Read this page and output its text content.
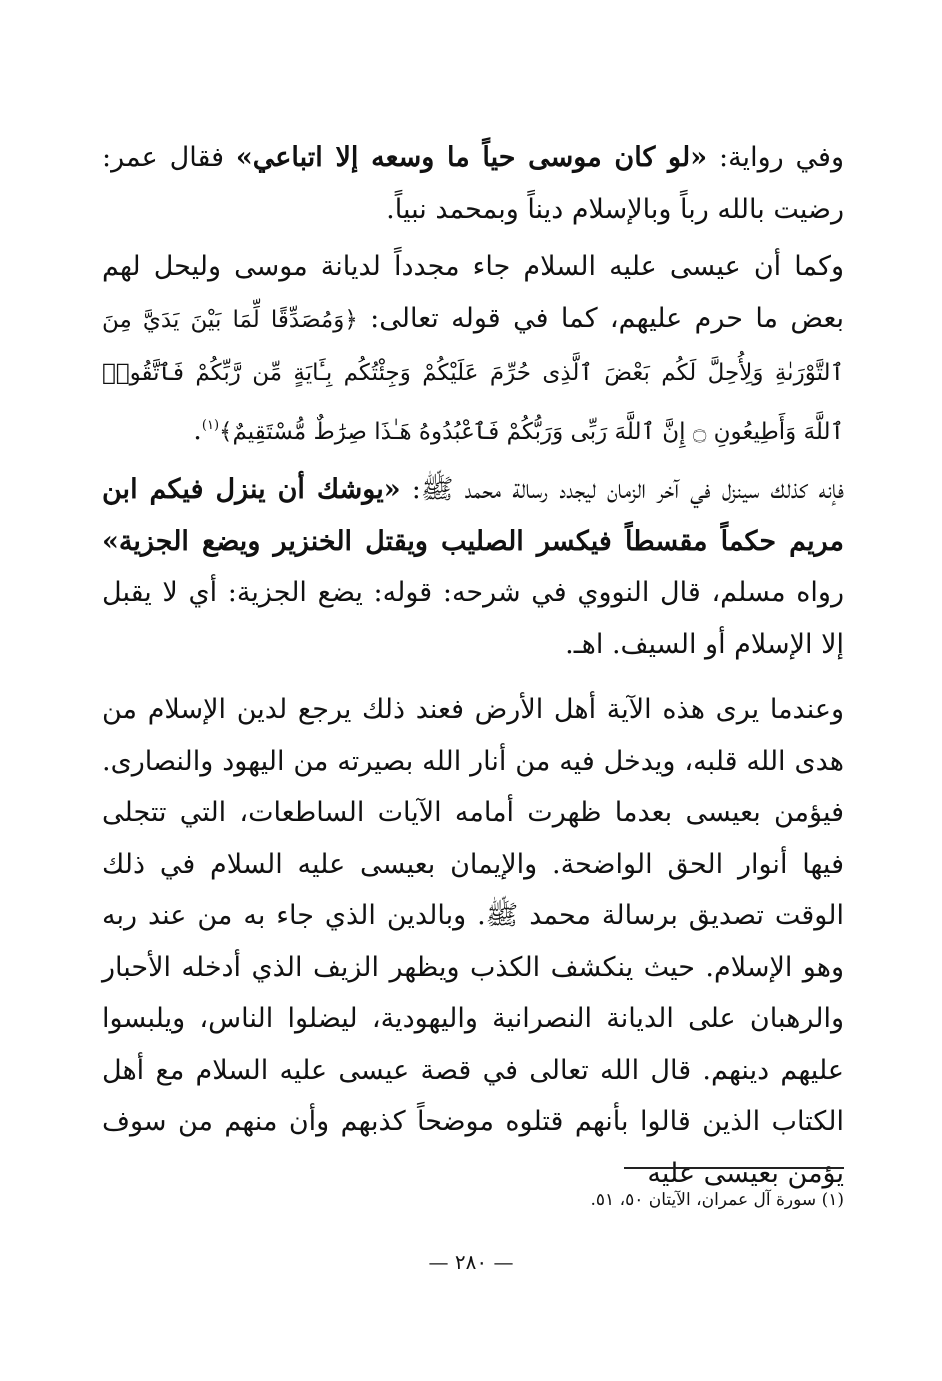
وفي رواية: «لو كان موسى حياً ما وسعه إلا اتباعي» فقال عمر: رضيت بالله رباً وبالإسلام ديناً وبمحمد نبياً.

وكما أن عيسى عليه السلام جاء مجدداً لديانة موسى وليحل لهم بعض ما حرم عليهم، كما في قوله تعالى: ﴿وَمُصَدِّقًا لِّمَا بَيْنَ يَدَيَّ مِنَ ٱلتَّوْرَىٰةِ وَلِأُحِلَّ لَكُم بَعْضَ ٱلَّذِى حُرِّمَ عَلَيْكُمْ وَجِئْتُكُم بِـَٔايَةٍ مِّن رَّبِّكُمْ فَٱتَّقُوا۟ ٱللَّهَ وَأَطِيعُونِ ۝ إِنَّ ٱللَّهَ رَبِّى وَرَبُّكُمْ فَٱعْبُدُوهُ هَـٰذَا صِرَٰطٌ مُّسْتَقِيمٌ﴾$^{(١)}$.

فإنه كذلك سينزل في آخر الزمان ليجدد رسالة محمد ﷺ: «يوشك أن ينزل فيكم ابن مريم حكماً مقسطاً فيكسر الصليب ويقتل الخنزير ويضع الجزية» رواه مسلم، قال النووي في شرحه: قوله: يضع الجزية: أي لا يقبل إلا الإسلام أو السيف. اهـ.

وعندما يرى هذه الآية أهل الأرض فعند ذلك يرجع لدين الإسلام من هدى الله قلبه، ويدخل فيه من أنار الله بصيرته من اليهود والنصارى. فيؤمن بعيسى بعدما ظهرت أمامه الآيات الساطعات، التي تتجلى فيها أنوار الحق الواضحة. والإيمان بعيسى عليه السلام في ذلك الوقت تصديق برسالة محمد ﷺ. وبالدين الذي جاء به من عند ربه وهو الإسلام. حيث ينكشف الكذب ويظهر الزيف الذي أدخله الأحبار والرهبان على الديانة النصرانية واليهودية، ليضلوا الناس، ويلبسوا عليهم دينهم. قال الله تعالى في قصة عيسى عليه السلام مع أهل الكتاب الذين قالوا بأنهم قتلوه موضحاً كذبهم وأن منهم من سوف يؤمن بعيسى عليه

(١) سورة آل عمران، الآيتان ٥٠، ٥١.
— ٢٨٠ —
